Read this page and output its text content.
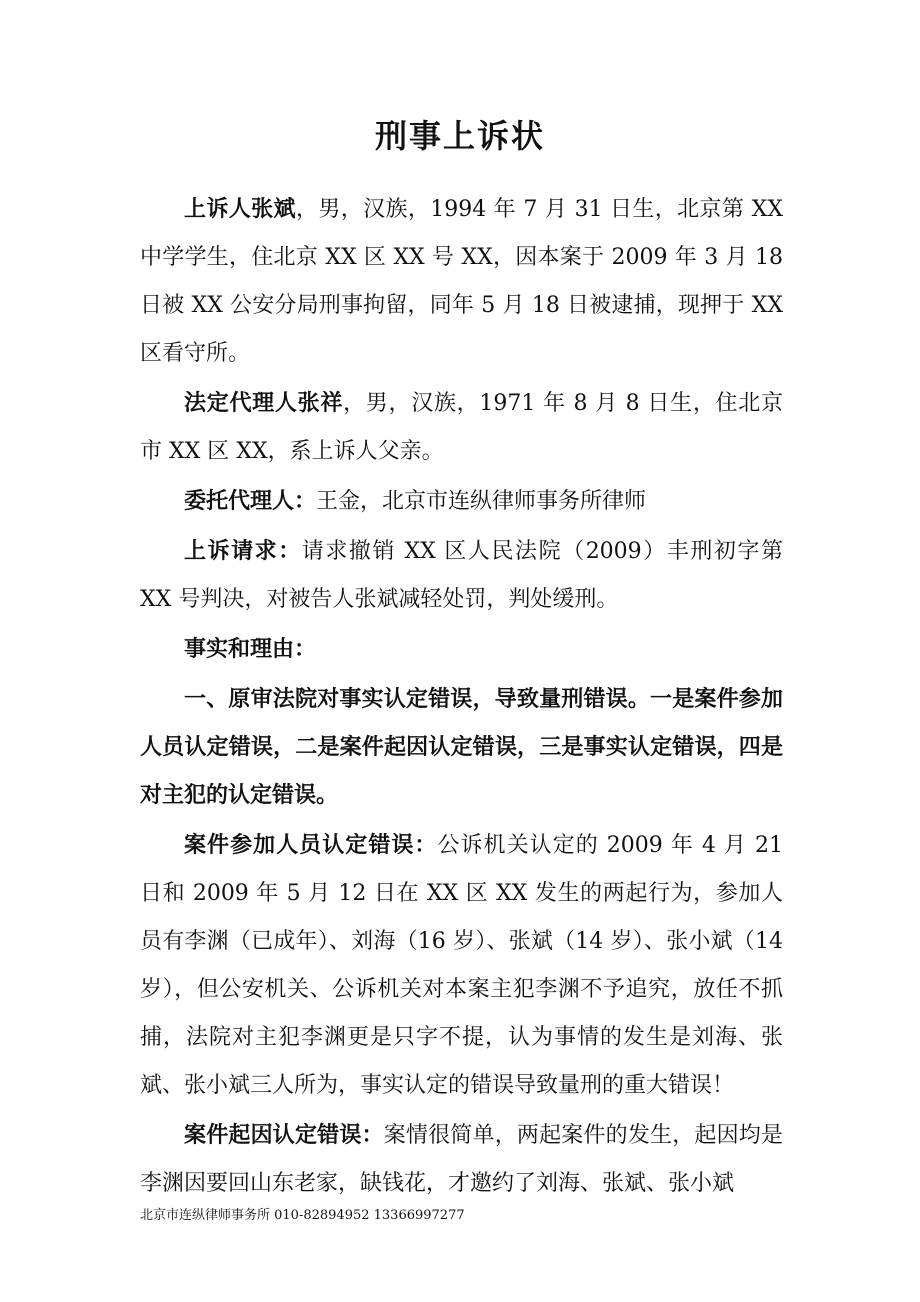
刑事上诉状

上诉人张斌，男，汉族，1994 年 7 月 31 日生，北京第 XX 中学学生，住北京 XX 区 XX 号 XX，因本案于 2009 年 3 月 18 日被 XX 公安分局刑事拘留，同年 5 月 18 日被逮捕，现押于 XX 区看守所。

法定代理人张祥，男，汉族，1971 年 8 月 8 日生，住北京市 XX 区 XX，系上诉人父亲。

委托代理人：王金，北京市连纵律师事务所律师

上诉请求：请求撤销 XX 区人民法院（2009）丰刑初字第 XX 号判决，对被告人张斌减轻处罚，判处缓刑。

事实和理由：

一、原审法院对事实认定错误，导致量刑错误。一是案件参加人员认定错误，二是案件起因认定错误，三是事实认定错误，四是对主犯的认定错误。

案件参加人员认定错误：公诉机关认定的 2009 年 4 月 21 日和 2009 年 5 月 12 日在 XX 区 XX 发生的两起行为，参加人员有李渊（已成年）、刘海（16 岁）、张斌（14 岁）、张小斌（14 岁），但公安机关、公诉机关对本案主犯李渊不予追究，放任不抓捕，法院对主犯李渊更是只字不提，认为事情的发生是刘海、张斌、张小斌三人所为，事实认定的错误导致量刑的重大错误！

案件起因认定错误：案情很简单，两起案件的发生，起因均是李渊因要回山东老家，缺钱花，才邀约了刘海、张斌、张小斌

北京市连纵律师事务所 010-82894952 13366997277
